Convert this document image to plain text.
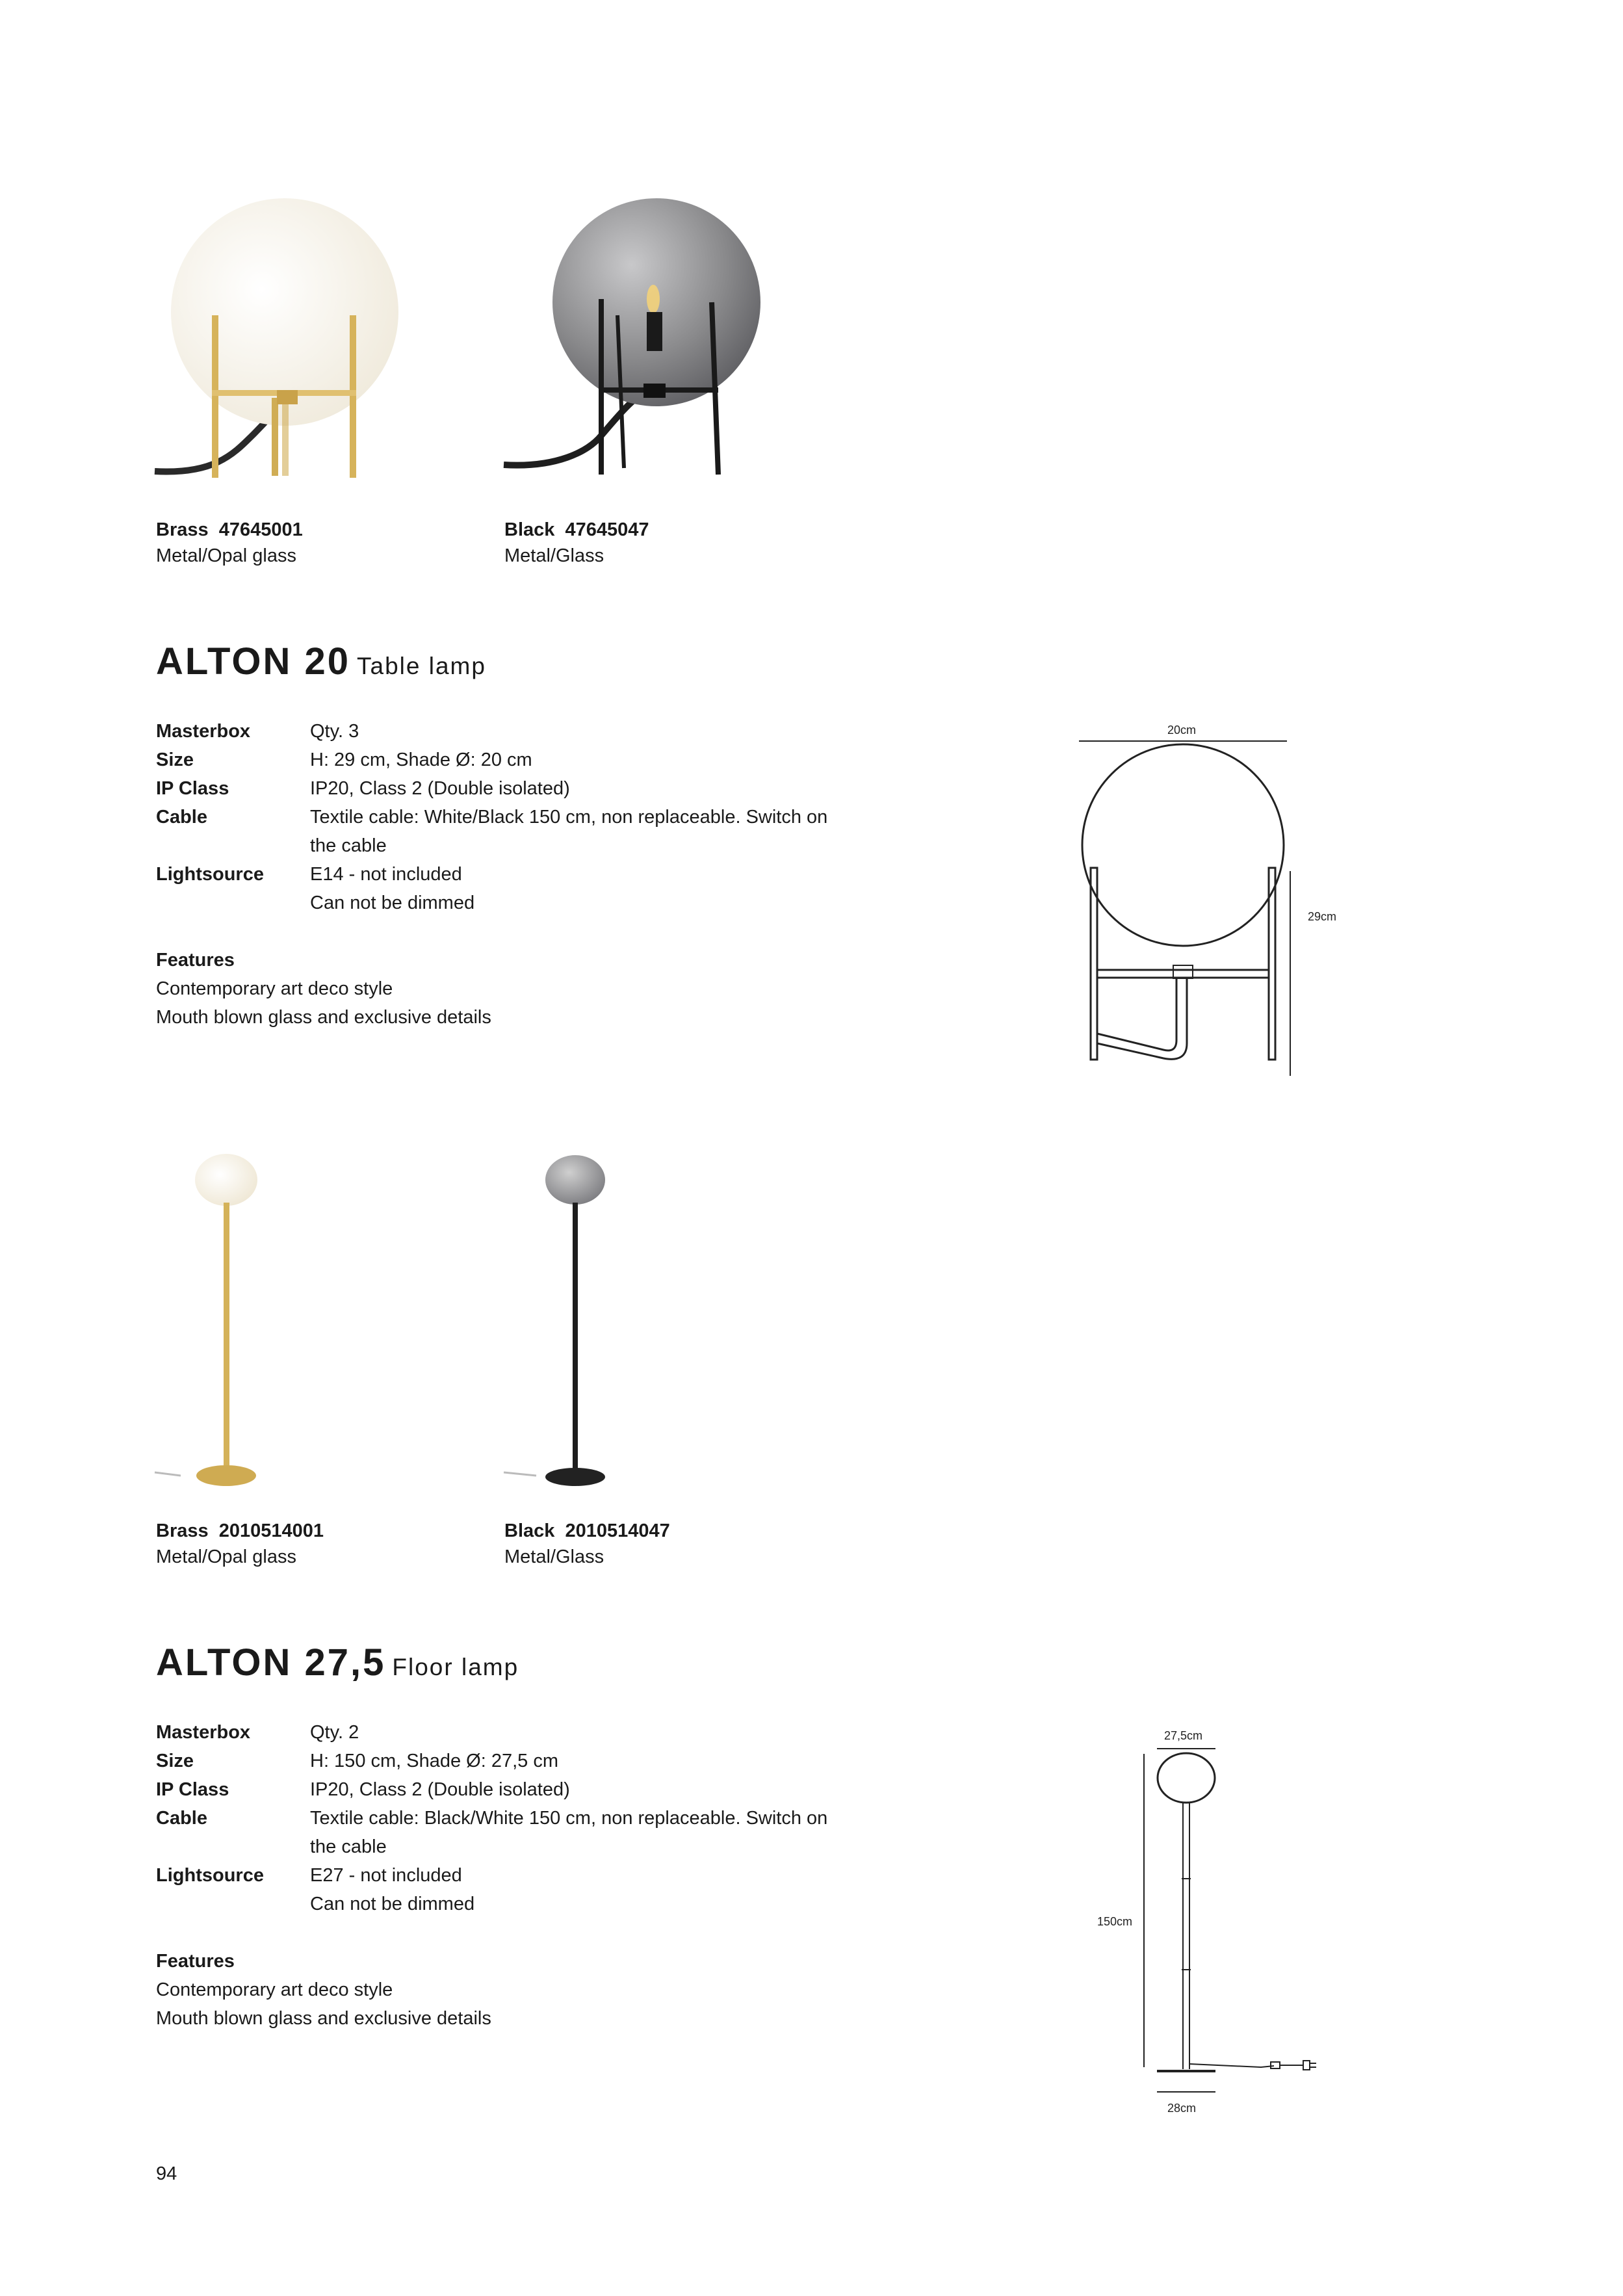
Brass 47645001
Metal/Opal glass
Black 47645047
Metal/Glass
ALTON 20 Table lamp
Masterbox	Qty. 3
Size	H: 29 cm, Shade Ø: 20 cm
IP Class	IP20, Class 2 (Double isolated)
Cable	Textile cable: White/Black 150 cm, non replaceable. Switch on
the cable
Lightsource	E14 - not included
Can not be dimmed
Features
Contemporary art deco style
Mouth blown glass and exclusive details
20cm
29cm
Brass 2010514001
Metal/Opal glass
Black 2010514047
Metal/Glass
ALTON 27,5 Floor lamp
Masterbox	Qty. 2
Size	H: 150 cm, Shade Ø: 27,5 cm
IP Class	IP20, Class 2 (Double isolated)
Cable	Textile cable: Black/White 150 cm, non replaceable. Switch on
the cable
Lightsource	E27 - not included
Can not be dimmed
Features
Contemporary art deco style
Mouth blown glass and exclusive details
27,5cm
150cm
28cm
94
